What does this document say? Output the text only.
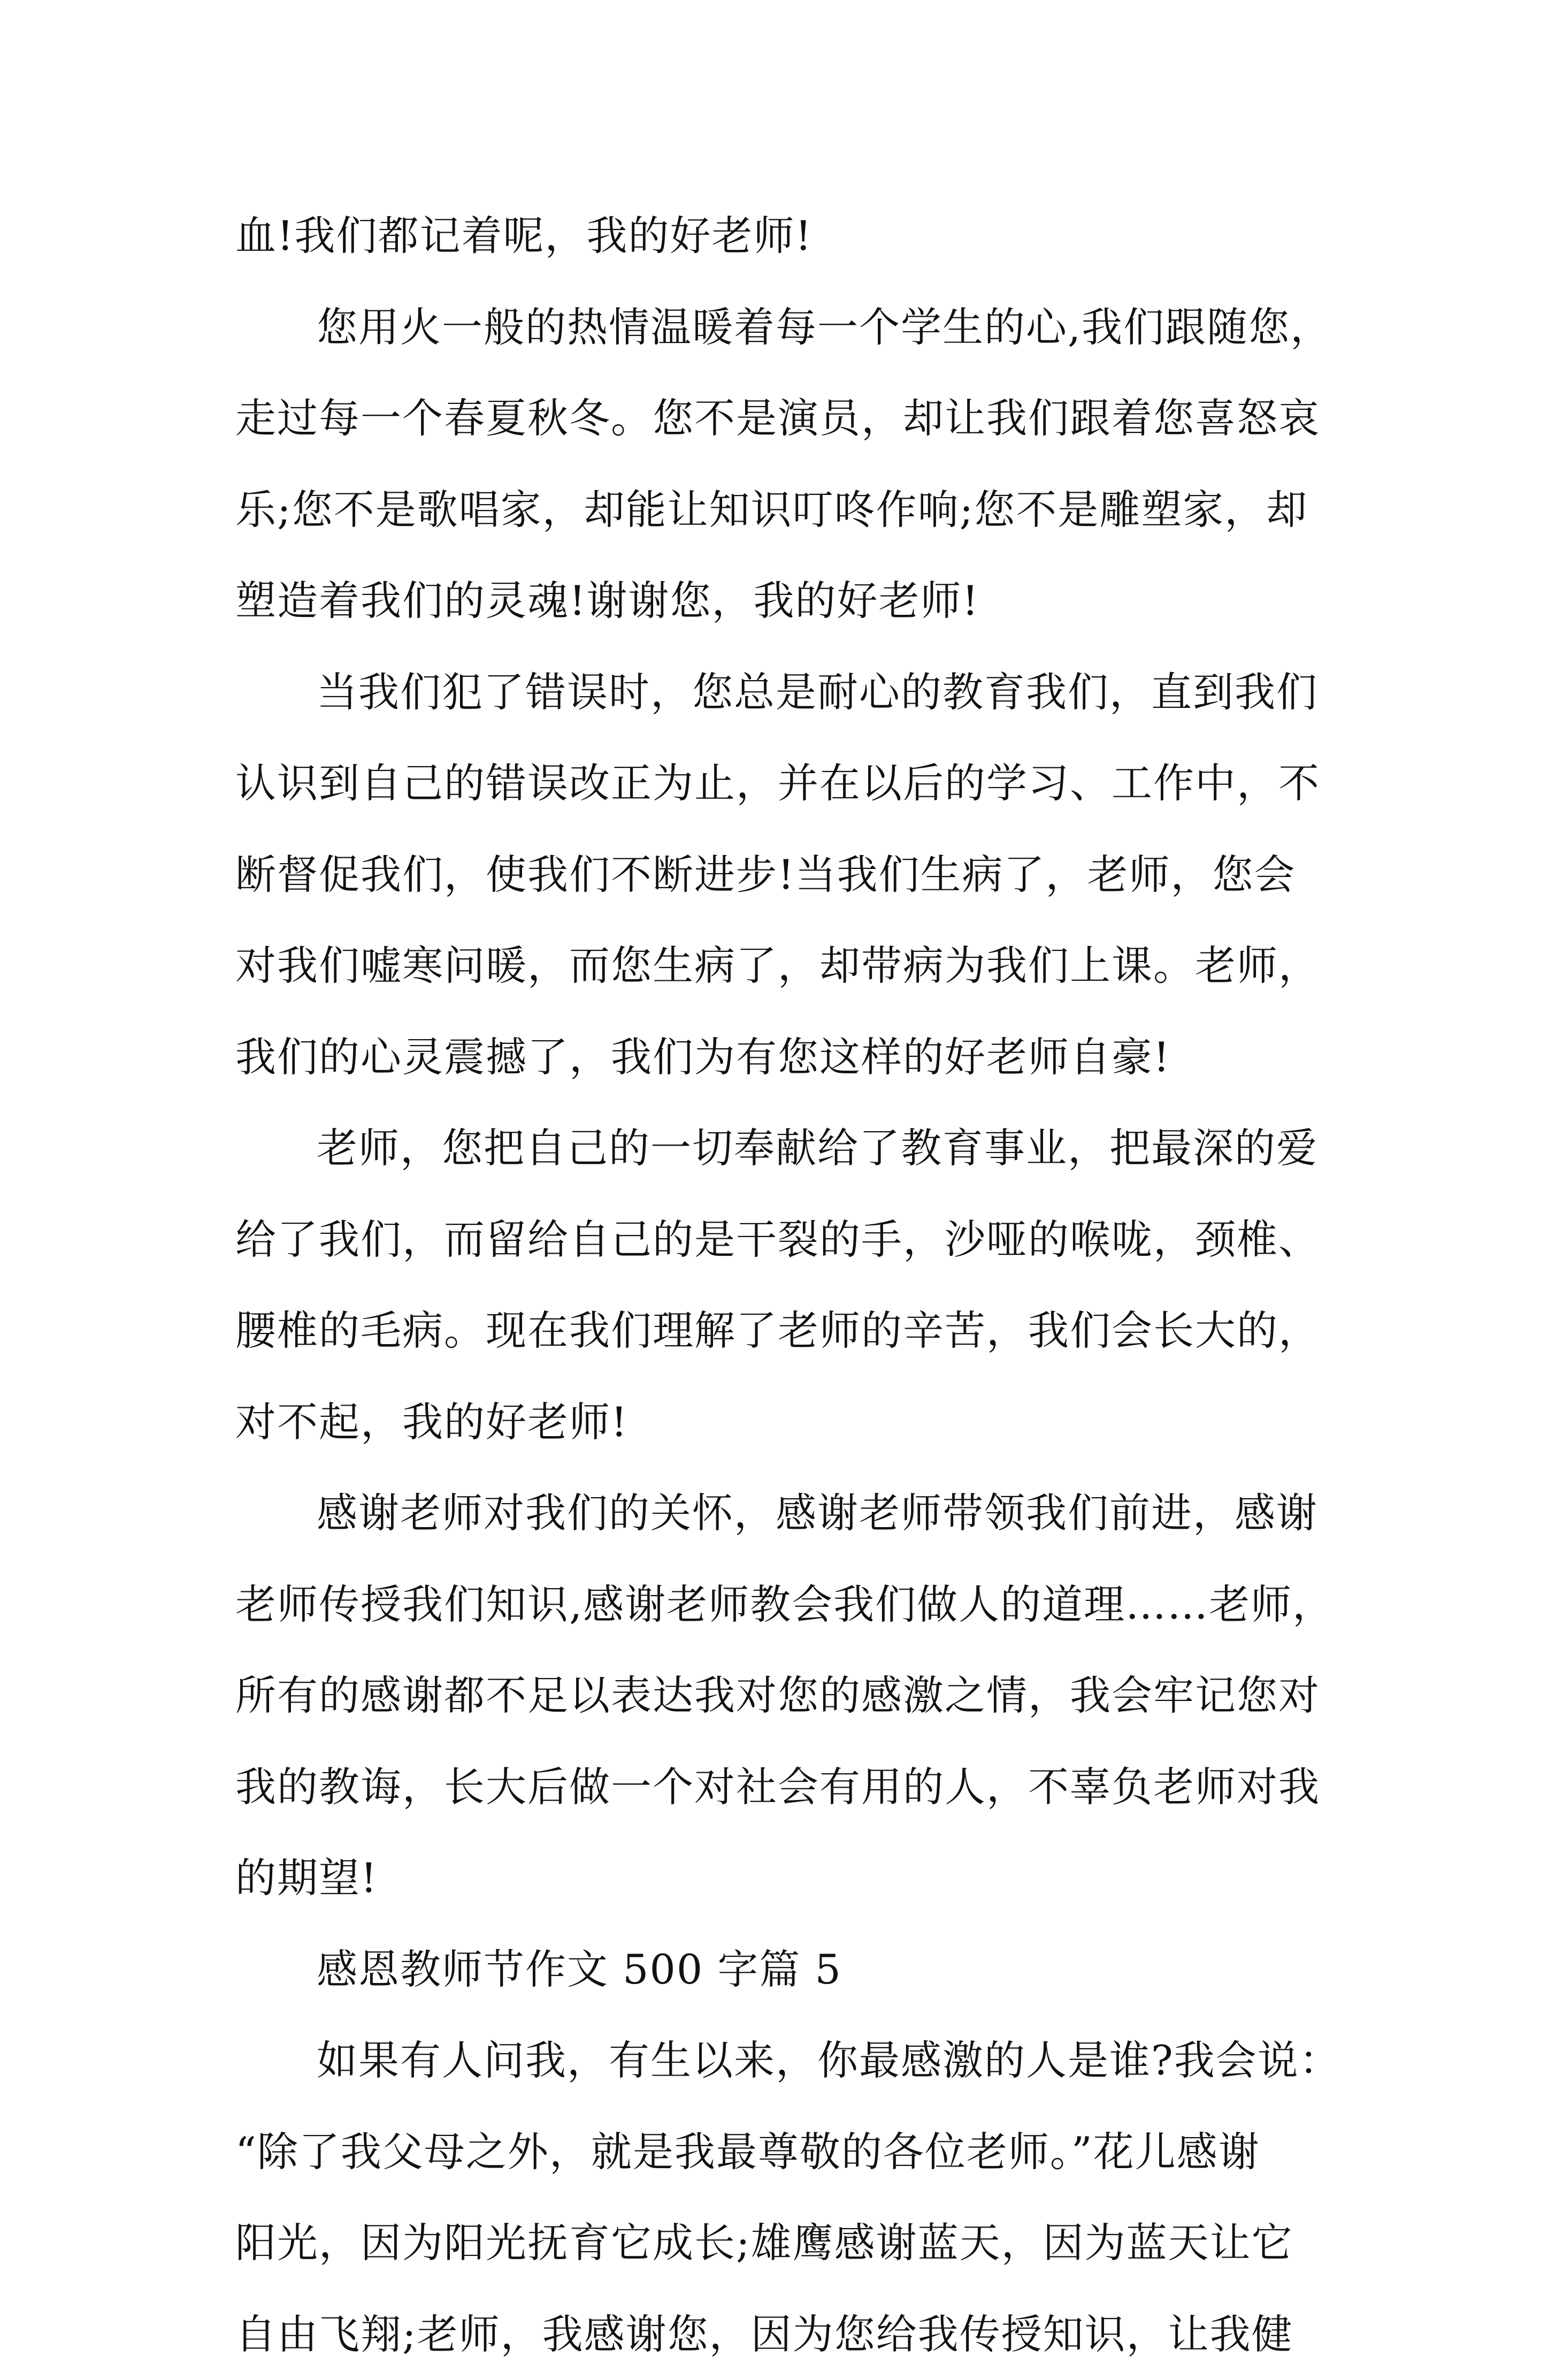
血!我们都记着呢，我的好老师!
您用火一般的热情温暖着每一个学生的心,我们跟随您，
走过每一个春夏秋冬。您不是演员，却让我们跟着您喜怒哀
乐;您不是歌唱家，却能让知识叮咚作响;您不是雕塑家，却
塑造着我们的灵魂!谢谢您，我的好老师!
当我们犯了错误时，您总是耐心的教育我们，直到我们
认识到自己的错误改正为止，并在以后的学习、工作中，不
断督促我们，使我们不断进步!当我们生病了，老师，您会
对我们嘘寒问暖，而您生病了，却带病为我们上课。老师，
我们的心灵震撼了，我们为有您这样的好老师自豪!
老师，您把自己的一切奉献给了教育事业，把最深的爱
给了我们，而留给自己的是干裂的手，沙哑的喉咙，颈椎、
腰椎的毛病。现在我们理解了老师的辛苦，我们会长大的，
对不起，我的好老师!
感谢老师对我们的关怀，感谢老师带领我们前进，感谢
老师传授我们知识,感谢老师教会我们做人的道理……老师，
所有的感谢都不足以表达我对您的感激之情，我会牢记您对
我的教诲，长大后做一个对社会有用的人，不辜负老师对我
的期望!
感恩教师节作文 500 字篇 5
如果有人问我，有生以来，你最感激的人是谁?我会说：
“除了我父母之外，就是我最尊敬的各位老师。”花儿感谢
阳光，因为阳光抚育它成长;雄鹰感谢蓝天，因为蓝天让它
自由飞翔;老师，我感谢您，因为您给我传授知识，让我健
